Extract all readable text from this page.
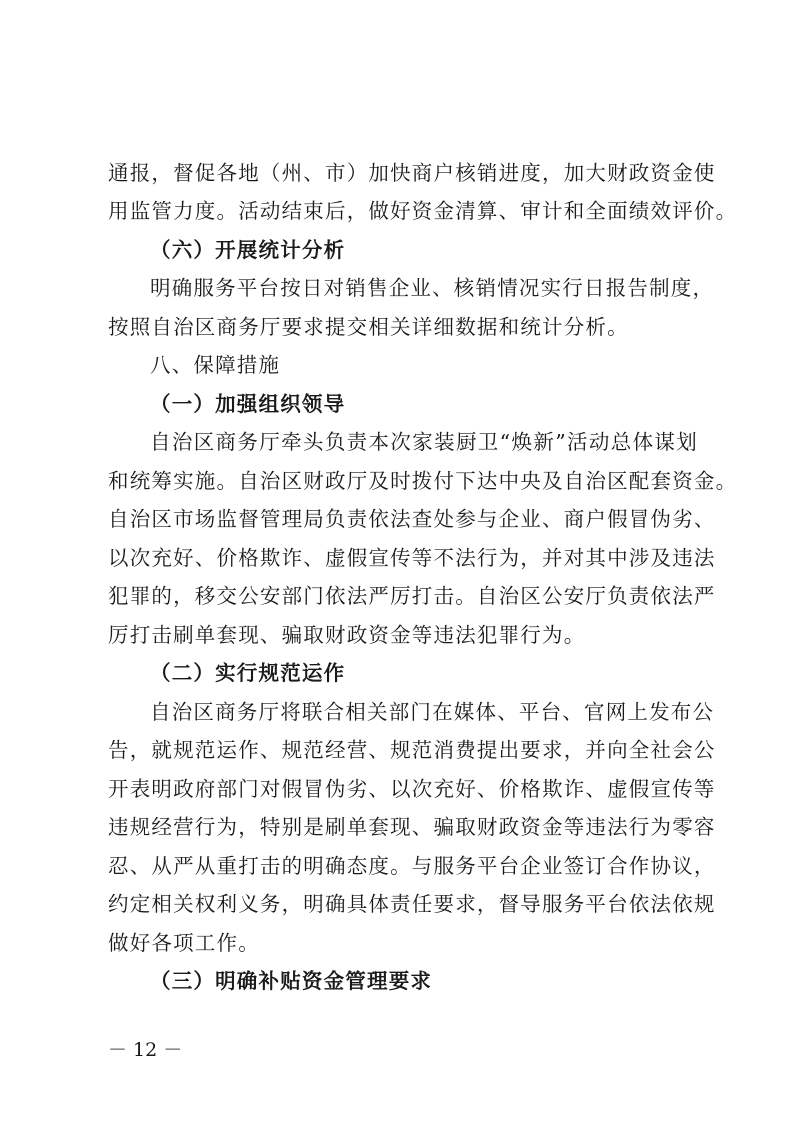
通报，督促各地（州、市）加快商户核销进度，加大财政资金使
用监管力度。活动结束后，做好资金清算、审计和全面绩效评价。
（六）开展统计分析
明确服务平台按日对销售企业、核销情况实行日报告制度，
按照自治区商务厅要求提交相关详细数据和统计分析。
八、保障措施
（一）加强组织领导
自治区商务厅牵头负责本次家装厨卫“焕新”活动总体谋划
和统筹实施。自治区财政厅及时拨付下达中央及自治区配套资金。
自治区市场监督管理局负责依法查处参与企业、商户假冒伪劣、
以次充好、价格欺诈、虚假宣传等不法行为，并对其中涉及违法
犯罪的，移交公安部门依法严厉打击。自治区公安厅负责依法严
厉打击刷单套现、骗取财政资金等违法犯罪行为。
（二）实行规范运作
自治区商务厅将联合相关部门在媒体、平台、官网上发布公
告，就规范运作、规范经营、规范消费提出要求，并向全社会公
开表明政府部门对假冒伪劣、以次充好、价格欺诈、虚假宣传等
违规经营行为，特别是刷单套现、骗取财政资金等违法行为零容
忍、从严从重打击的明确态度。与服务平台企业签订合作协议，
约定相关权利义务，明确具体责任要求，督导服务平台依法依规
做好各项工作。
（三）明确补贴资金管理要求
－ 12 －
